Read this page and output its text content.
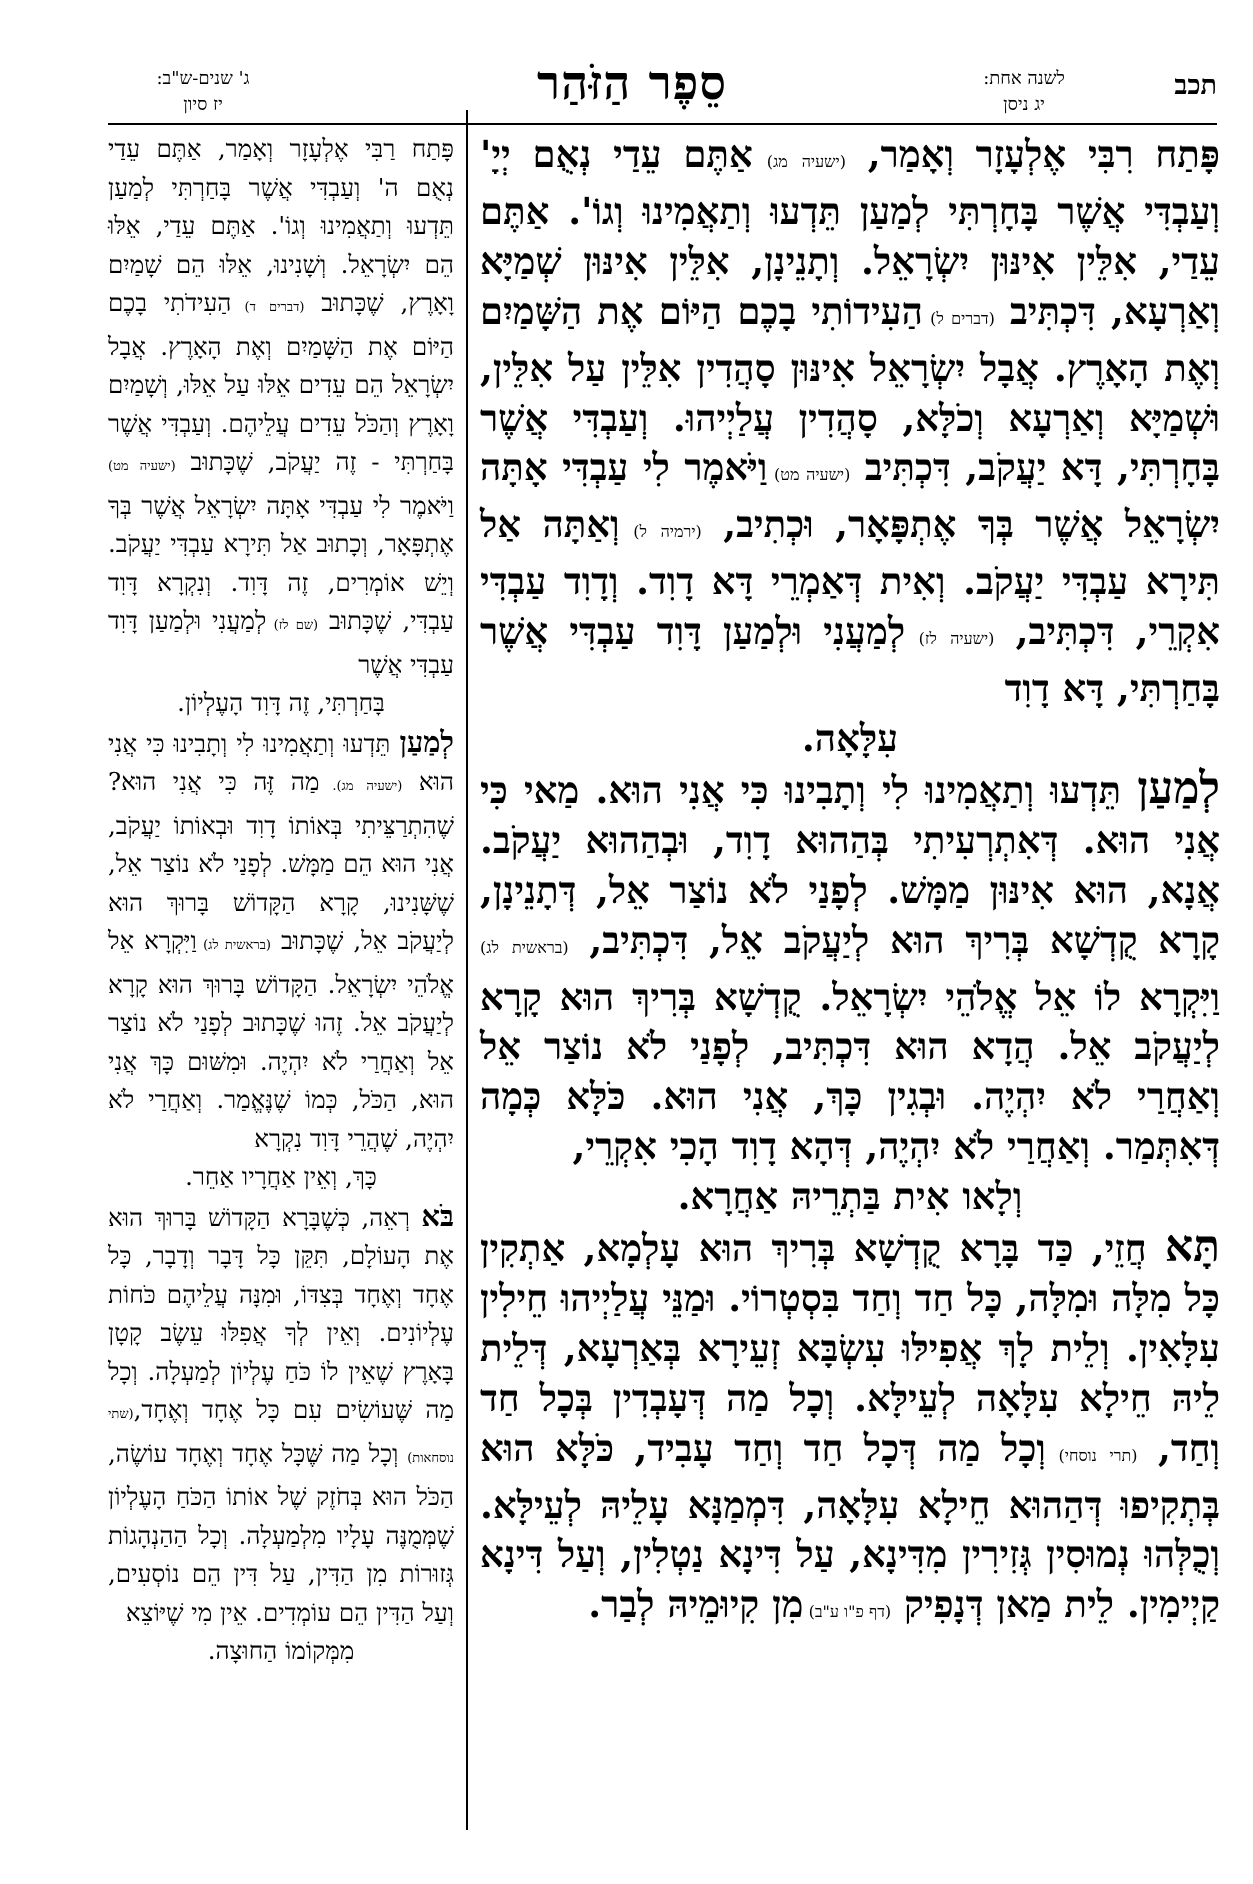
תכב
לשנה אחת:
יג ניסן
סֵפֶר הַזֹּהַר
ג' שנים-ש"ב:
יז סיון

פָּתַח רִבִּי אֶלְעָזָר וְאָמַר, (ישעיה מג) אַתֶּם עֵדַי נְאֻם יְיָ' וְעַבְדִּי אֲשֶׁר בָּחָרְתִּי לְמַעַן תֵּדְעוּ וְתַאֲמִינוּ וְגוֹ'. אַתֶּם עֵדַי, אִלֵּין אִינּוּן יִשְׂרָאֵל. וְתָנֵינָן, אִלֵּין אִינּוּן שְׁמַיָּא וְאַרְעָא, דִּכְתִּיב (דברים ל) הַעִידוֹתִי בָכֶם הַיּוֹם אֶת הַשָּׁמַיִם וְאֶת הָאָרֶץ. אֲבָל יִשְׂרָאֵל אִינּוּן סָהֲדִין אִלֵּין עַל אִלֵּין, וּשְׁמַיָּא וְאַרְעָא וְכֹלָּא, סָהֲדִין עֲלַיְיהוּ. וְעַבְדִּי אֲשֶׁר בָּחָרְתִּי, דָּא יַעֲקֹב, דִּכְתִּיב (ישעיה מט) וַיֹּאמֶר לִי עַבְדִּי אָתָּה יִשְׂרָאֵל אֲשֶׁר בְּךָ אֶתְפָּאָר, וּכְתִיב, (ירמיה ל) וְאַתָּה אַל תִּירָא עַבְדִּי יַעֲקֹב. וְאִית דְּאַמְרֵי דָּא דָוִד. וְדָוִד עַבְדִּי אִקְרֵי, דִּכְתִּיב, (ישעיה לז) לְמַעֲנִי וּלְמַעַן דָּוִד עַבְדִּי אֲשֶׁר בָּחַרְתִּי, דָּא דָוִד

עִלָּאָה.

לְמַעַן תֵּדְעוּ וְתַאֲמִינוּ לִי וְתָבִינוּ כִּי אֲנִי הוּא. מַאי כִּי אֲנִי הוּא. דְּאִתְרְעִיתִי בְּהַהוּא דָוִד, וּבְהַהוּא יַעֲקֹב. אֲנָא, הוּא אִינּוּן מַמָּשׁ. לְפָנַי לֹא נוֹצַר אֵל, דְּתָנֵינָן, קָרָא קֻדְשָׁא בְּרִיךְ הוּא לְיַעֲקֹב אֵל, דִּכְתִּיב, (בראשית לג) וַיִּקְרָא לוֹ אֵל אֱלֹהֵי יִשְׂרָאֵל. קֻדְשָׁא בְּרִיךְ הוּא קָרָא לְיַעֲקֹב אֵל. הֲדָא הוּא דִּכְתִּיב, לְפָנַי לֹא נוֹצַר אֵל וְאַחֲרַי לֹא יִהְיֶה. וּבְגִין כָּךְ, אֲנִי הוּא. כֹּלָּא כְּמָה דְּאִתְּמַר. וְאַחֲרַי לֹא יִהְיֶה, דְּהָא דָוִד הָכִי אִקְרֵי,

וְלָאו אִית בַּתְרֵיהּ אַחֲרָא.

תָּא חֲזֵי, כַּד בָּרָא קֻדְשָׁא בְּרִיךְ הוּא עָלְמָא, אַתְקִין כָּל מִלָּה וּמִלָּה, כָּל חַד וְחַד בִּסְטְרוֹי. וּמַנֵּי עֲלַיְיהוּ חֵילִין עִלָּאִין. וְלֵית לָךְ אֲפִילּוּ עִשְׂבָּא זְעֵירָא בְּאַרְעָא, דְּלֵית לֵיהּ חֵילָא עִלָּאָה לְעֵילָּא. וְכָל מַה דְּעָבְדִין בְּכָל חַד וְחַד, (תרי נוסחי) וְכָל מַה דְּכָל חַד וְחַד עָבִיד, כֹּלָּא הוּא בְּתְקִיפוּ דְּהַהוּא חֵילָא עִלָּאָה, דִּמְמַנָּא עָלֵיהּ לְעֵילָּא. וְכֻלְּהוּ נְמוּסִין גְּזִירִין מִדִּינָא, עַל דִּינָא נַטְלִין, וְעַל דִּינָא קַיְימִין. לֵית מַאן דְּנָפִיק (דף פ"ו ע"ב) מִן קִיוּמֵיהּ לְבַר.

פָּתַח רַבִּי אֶלְעָזָר וְאָמַר, אַתֶּם עֵדַי נְאֻם ה' וְעַבְדִּי אֲשֶׁר בָּחַרְתִּי לְמַעַן תֵּדְעוּ וְתַאֲמִינוּ וְגוֹ'. אַתֶּם עֵדַי, אֵלּוּ הֵם יִשְׂרָאֵל. וְשָׁנִינוּ, אֵלּוּ הֵם שָׁמַיִם וָאָרֶץ, שֶׁכָּתוּב (דברים ד) הַעִידֹתִי בָכֶם הַיּוֹם אֶת הַשָּׁמַיִם וְאֶת הָאָרֶץ. אֲבָל יִשְׂרָאֵל הֵם עֵדִים אֵלּוּ עַל אֵלּוּ, וְשָׁמַיִם וָאָרֶץ וְהַכֹּל עֵדִים עֲלֵיהֶם. וְעַבְדִּי אֲשֶׁר בָּחַרְתִּי - זֶה יַעֲקֹב, שֶׁכָּתוּב (ישעיה מט) וַיֹּאמֶר לִי עַבְדִּי אָתָּה יִשְׂרָאֵל אֲשֶׁר בְּךָ אֶתְפָּאָר, וְכָתוּב אַל תִּירָא עַבְדִּי יַעֲקֹב. וְיֵשׁ אוֹמְרִים, זֶה דָּוִד. וְנִקְרָא דָּוִד עַבְדִּי, שֶׁכָּתוּב (שם לז) לְמַעֲנִי וּלְמַעַן דָּוִד עַבְדִּי אֲשֶׁר

בָּחַרְתִּי, זֶה דָּוִד הָעֶלְיוֹן.

לְמַעַן תֵּדְעוּ וְתַאֲמִינוּ לִי וְתָבִינוּ כִּי אֲנִי הוּא (ישעיה מג). מַה זֶּה כִּי אֲנִי הוּא? שֶׁהִתְרַצֵּיתִי בְּאוֹתוֹ דָוִד וּבְאוֹתוֹ יַעֲקֹב, אֲנִי הוּא הֵם מַמָּשׁ. לְפָנַי לֹא נוֹצַר אֵל, שֶׁשָּׁנִינוּ, קָרָא הַקָּדוֹשׁ בָּרוּךְ הוּא לְיַעֲקֹב אֵל, שֶׁכָּתוּב (בראשית לג) וַיִּקְרָא אֵל אֱלֹהֵי יִשְׂרָאֵל. הַקָּדוֹשׁ בָּרוּךְ הוּא קָרָא לְיַעֲקֹב אֵל. זֶהוּ שֶׁכָּתוּב לְפָנַי לֹא נוֹצַר אֵל וְאַחֲרַי לֹא יִהְיֶה. וּמִשּׁוּם כָּךְ אֲנִי הוּא, הַכֹּל, כְּמוֹ שֶׁנֶּאֱמַר. וְאַחֲרַי לֹא יִהְיֶה, שֶׁהֲרֵי דָּוִד נִקְרָא

כָּךְ, וְאֵין אַחֲרָיו אַחֵר.

בֹּא רְאֵה, כְּשֶׁבָּרָא הַקָּדוֹשׁ בָּרוּךְ הוּא אֶת הָעוֹלָם, תִּקֵּן כָּל דָּבָר וְדָבָר, כָּל אֶחָד וְאֶחָד בְּצִדּוֹ, וּמִנָּה עֲלֵיהֶם כֹּחוֹת עֶלְיוֹנִים. וְאֵין לְךָ אֲפִלּוּ עֵשֶׂב קָטָן בָּאָרֶץ שֶׁאֵין לוֹ כֹּחַ עֶלְיוֹן לְמַעְלָה. וְכָל מַה שֶּׁעוֹשִׂים עִם כָּל אֶחָד וְאֶחָד,(שתי נוסחאות) וְכָל מַה שֶּׁכָּל אֶחָד וְאֶחָד עוֹשֶׂה, הַכֹּל הוּא בְּחֹזֶק שֶׁל אוֹתוֹ הַכֹּחַ הָעֶלְיוֹן שֶׁמְּמֻנֶּה עָלָיו מִלְמַעְלָה. וְכָל הַהַנְהָגוֹת גְּזוּרוֹת מִן הַדִּין, עַל דִּין הֵם נוֹסְעִים, וְעַל הַדִּין הֵם עוֹמְדִים. אֵין מִי שֶׁיּוֹצֵא

מִמְּקוֹמוֹ הַחוּצָה.
